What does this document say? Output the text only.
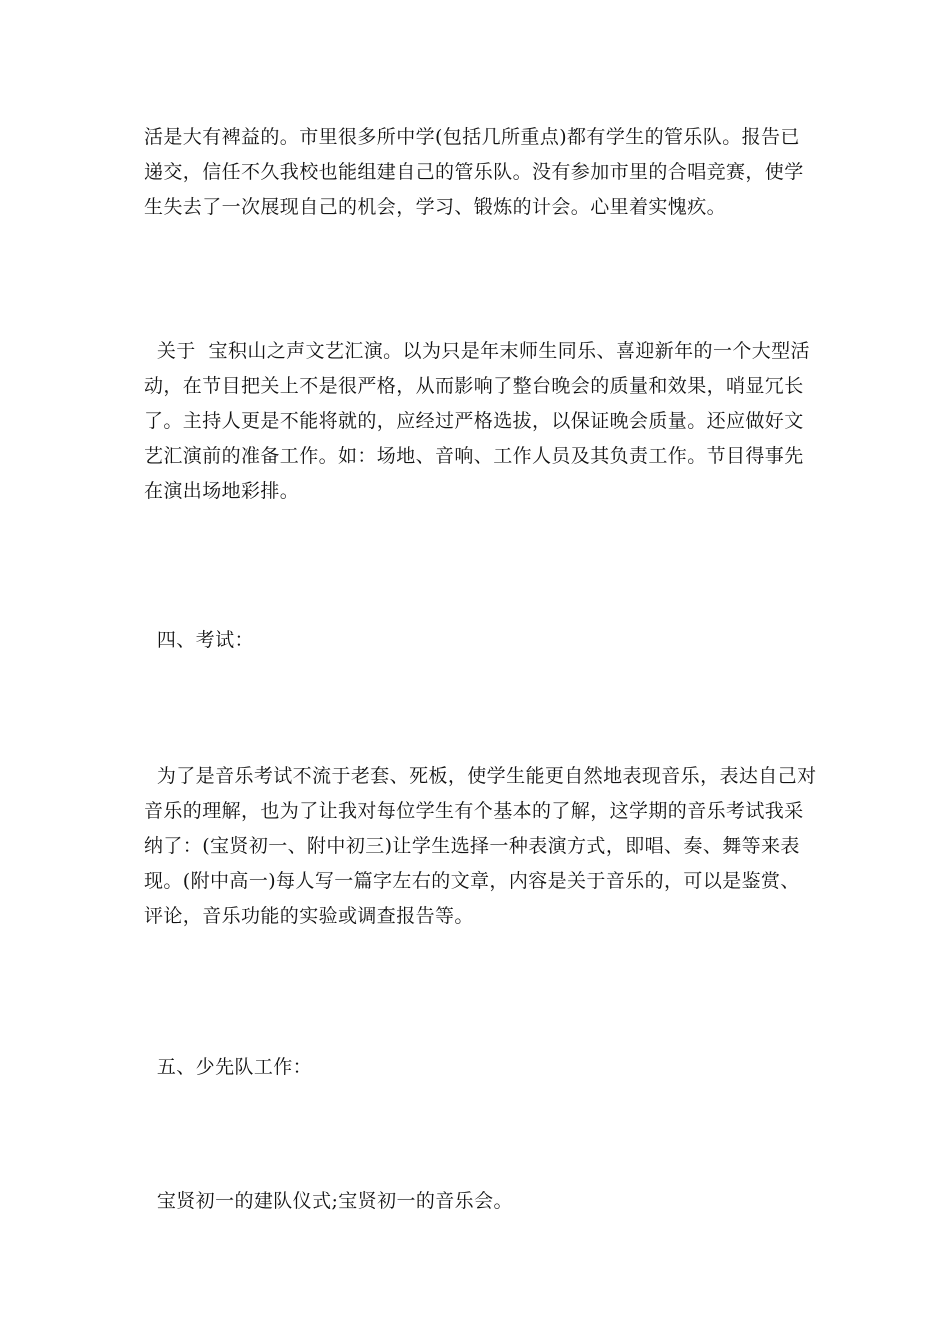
活是大有裨益的。市里很多所中学(包括几所重点)都有学生的管乐队。报告已
递交，信任不久我校也能组建自己的管乐队。没有参加市里的合唱竞赛，使学
生失去了一次展现自己的机会，学习、锻炼的计会。心里着实愧疚。
关于  宝积山之声文艺汇演。以为只是年末师生同乐、喜迎新年的一个大型活
动，在节目把关上不是很严格，从而影响了整台晚会的质量和效果，哨显冗长
了。主持人更是不能将就的，应经过严格选拔，以保证晚会质量。还应做好文
艺汇演前的准备工作。如：场地、音响、工作人员及其负责工作。节目得事先
在演出场地彩排。
四、考试：
为了是音乐考试不流于老套、死板，使学生能更自然地表现音乐，表达自己对
音乐的理解，也为了让我对每位学生有个基本的了解，这学期的音乐考试我采
纳了：(宝贤初一、附中初三)让学生选择一种表演方式，即唱、奏、舞等来表
现。(附中高一)每人写一篇字左右的文章，内容是关于音乐的，可以是鉴赏、
评论，音乐功能的实验或调查报告等。
五、少先队工作：
宝贤初一的建队仪式;宝贤初一的音乐会。
